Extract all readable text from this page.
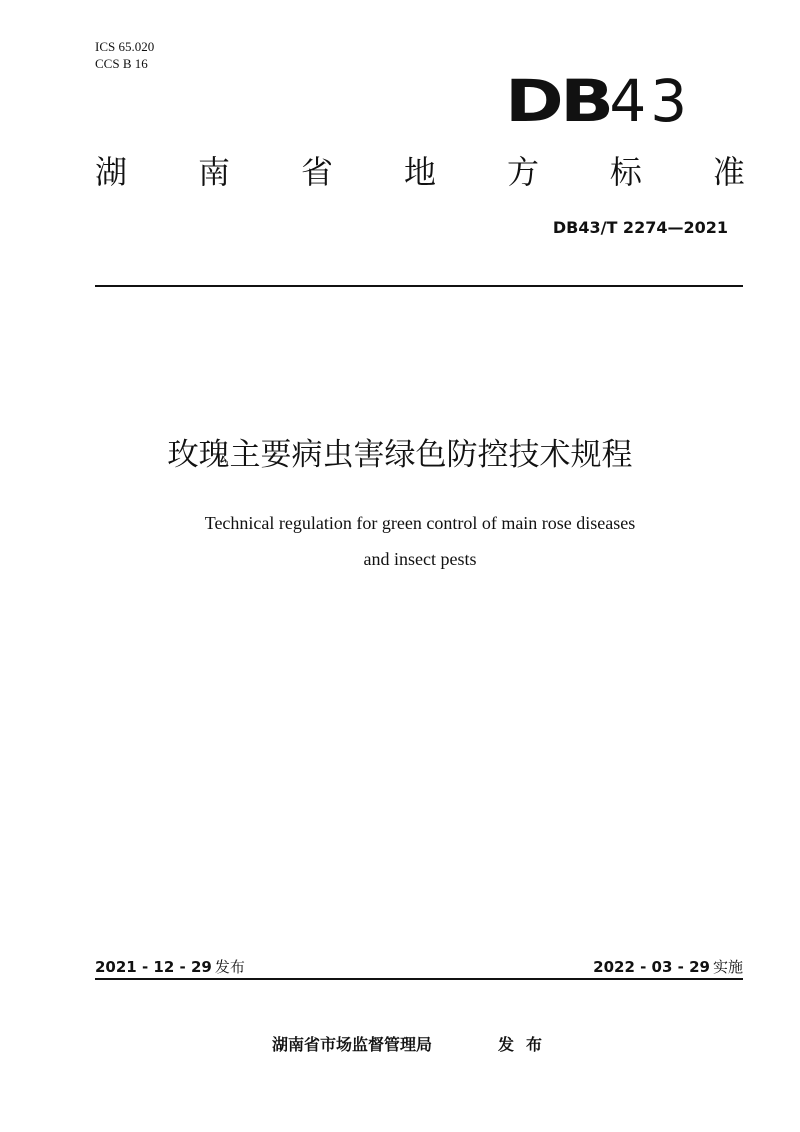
ICS 65.020
CCS B 16
DB 43
湖 南 省 地 方 标 准
DB43/T 2274—2021
玫瑰主要病虫害绿色防控技术规程
Technical regulation for green control of main rose diseases
and insect pests
2021 - 12 - 29 发布	2022 - 03 - 29 实施
湖南省市场监督管理局	发布
